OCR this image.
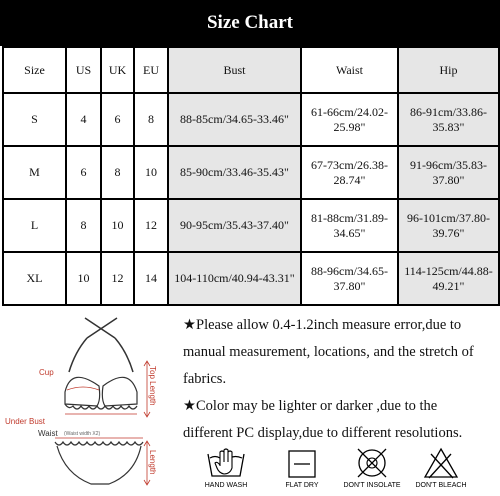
Size Chart
Size	US	UK	EU	Bust	Waist	Hip
S	4	6	8	88-85cm/34.65-33.46"	61-66cm/24.02-25.98"	86-91cm/33.86-35.83"
M	6	8	10	85-90cm/33.46-35.43"	67-73cm/26.38-28.74"	91-96cm/35.83-37.80"
L	8	10	12	90-95cm/35.43-37.40"	81-88cm/31.89-34.65"	96-101cm/37.80-39.76"
XL	10	12	14	104-110cm/40.94-43.31"	88-96cm/34.65-37.80"	114-125cm/44.88-49.21"
Cup	Top Length
Under Bust
Waist (Waist width X2)
Length

★Please allow 0.4-1.2inch measure error,due to

manual measurement, locations, and the stretch of

fabrics.

★Color may be lighter or darker ,due to the

different PC display,due to different resolutions.

HAND WASH	FLAT DRY	DON'T INSOLATE	DON'T BLEACH
